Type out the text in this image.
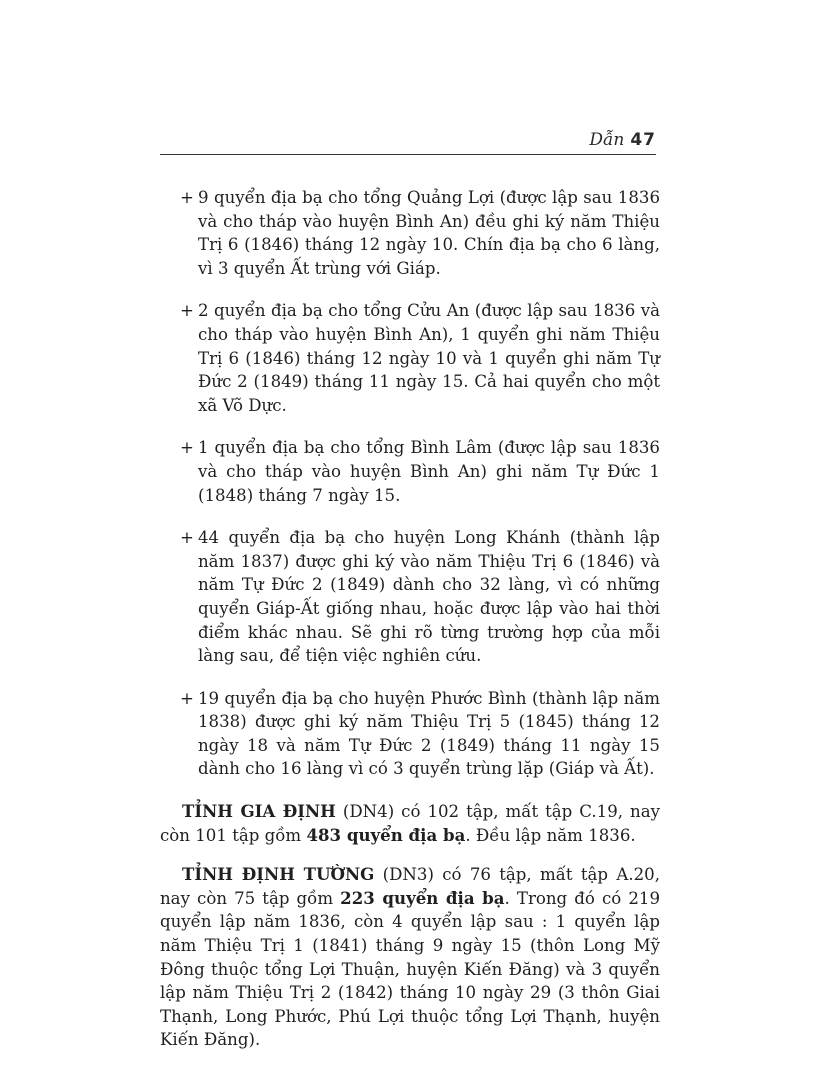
Dẫn 47
+ 9 quyển địa bạ cho tổng Quảng Lợi (được lập sau 1836 và cho tháp vào huyện Bình An) đều ghi ký năm Thiệu Trị 6 (1846) tháng 12 ngày 10. Chín địa bạ cho 6 làng, vì 3 quyển Ất trùng với Giáp.
+ 2 quyển địa bạ cho tổng Cửu An (được lập sau 1836 và cho tháp vào huyện Bình An), 1 quyển ghi năm Thiệu Trị 6 (1846) tháng 12 ngày 10 và 1 quyển ghi năm Tự Đức 2 (1849) tháng 11 ngày 15. Cả hai quyển cho một xã Võ Dực.
+ 1 quyển địa bạ cho tổng Bình Lâm (được lập sau 1836 và cho tháp vào huyện Bình An) ghi năm Tự Đức 1 (1848) tháng 7 ngày 15.
+ 44 quyển địa bạ cho huyện Long Khánh (thành lập năm 1837) được ghi ký vào năm Thiệu Trị 6 (1846) và năm Tự Đức 2 (1849) dành cho 32 làng, vì có những quyển Giáp-Ất giống nhau, hoặc được lập vào hai thời điểm khác nhau. Sẽ ghi rõ từng trường hợp của mỗi làng sau, để tiện việc nghiên cứu.
+ 19 quyển địa bạ cho huyện Phước Bình (thành lập năm 1838) được ghi ký năm Thiệu Trị 5 (1845) tháng 12 ngày 18 và năm Tự Đức 2 (1849) tháng 11 ngày 15 dành cho 16 làng vì có 3 quyển trùng lặp (Giáp và Ất).

TỈNH GIA ĐỊNH (DN4) có 102 tập, mất tập C.19, nay còn 101 tập gồm 483 quyển địa bạ. Đều lập năm 1836.

TỈNH ĐỊNH TƯỜNG (DN3) có 76 tập, mất tập A.20, nay còn 75 tập gồm 223 quyển địa bạ. Trong đó có 219 quyển lập năm 1836, còn 4 quyển lập sau : 1 quyển lập năm Thiệu Trị 1 (1841) tháng 9 ngày 15 (thôn Long Mỹ Đông thuộc tổng Lợi Thuận, huyện Kiến Đăng) và 3 quyển lập năm Thiệu Trị 2 (1842) tháng 10 ngày 29 (3 thôn Giai Thạnh, Long Phước, Phú Lợi thuộc tổng Lợi Thạnh, huyện Kiến Đăng).
